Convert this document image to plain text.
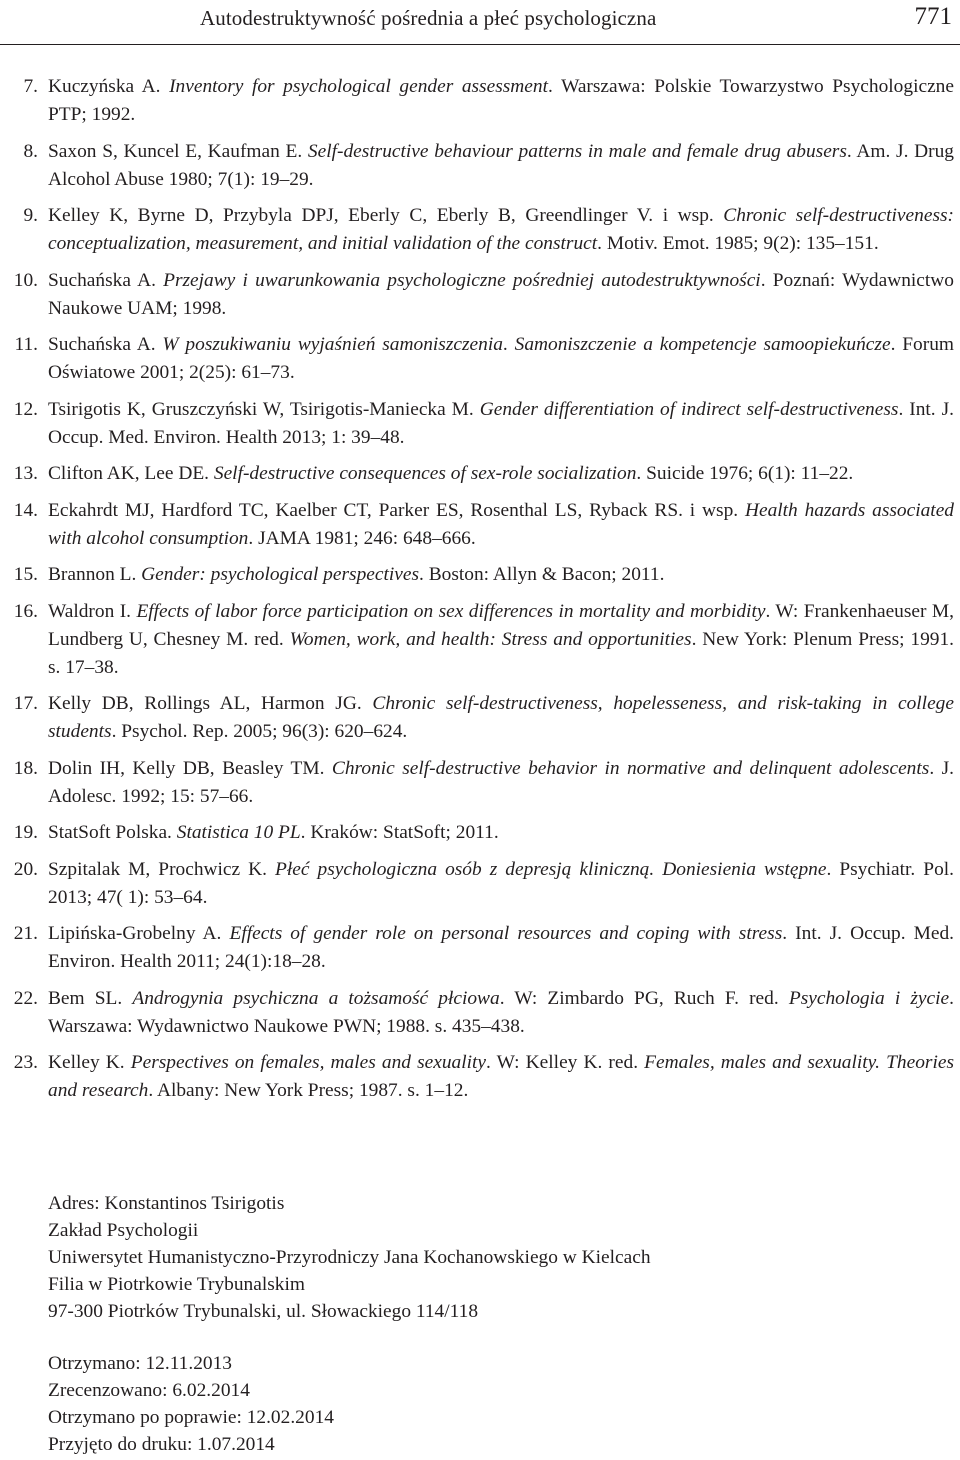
Autodestruktywność pośrednia a płeć psychologiczna	771
7. Kuczyńska A. Inventory for psychological gender assessment. Warszawa: Polskie Towarzystwo Psychologiczne PTP; 1992.
8. Saxon S, Kuncel E, Kaufman E. Self-destructive behaviour patterns in male and female drug abusers. Am. J. Drug Alcohol Abuse 1980; 7(1): 19–29.
9. Kelley K, Byrne D, Przybyla DPJ, Eberly C, Eberly B, Greendlinger V. i wsp. Chronic self-destructiveness: conceptualization, measurement, and initial validation of the construct. Motiv. Emot. 1985; 9(2): 135–151.
10. Suchańska A. Przejawy i uwarunkowania psychologiczne pośredniej autodestruktywności. Poznań: Wydawnictwo Naukowe UAM; 1998.
11. Suchańska A. W poszukiwaniu wyjaśnień samoniszczenia. Samoniszczenie a kompetencje samoopiekuńcze. Forum Oświatowe 2001; 2(25): 61–73.
12. Tsirigotis K, Gruszczyński W, Tsirigotis-Maniecka M. Gender differentiation of indirect self-destructiveness. Int. J. Occup. Med. Environ. Health 2013; 1: 39–48.
13. Clifton AK, Lee DE. Self-destructive consequences of sex-role socialization. Suicide 1976; 6(1): 11–22.
14. Eckahrdt MJ, Hardford TC, Kaelber CT, Parker ES, Rosenthal LS, Ryback RS. i wsp. Health hazards associated with alcohol consumption. JAMA 1981; 246: 648–666.
15. Brannon L. Gender: psychological perspectives. Boston: Allyn & Bacon; 2011.
16. Waldron I. Effects of labor force participation on sex differences in mortality and morbidity. W: Frankenhaeuser M, Lundberg U, Chesney M. red. Women, work, and health: Stress and opportunities. New York: Plenum Press; 1991. s. 17–38.
17. Kelly DB, Rollings AL, Harmon JG. Chronic self-destructiveness, hopelesseness, and risk-taking in college students. Psychol. Rep. 2005; 96(3): 620–624.
18. Dolin IH, Kelly DB, Beasley TM. Chronic self-destructive behavior in normative and delinquent adolescents. J. Adolesc. 1992; 15: 57–66.
19. StatSoft Polska. Statistica 10 PL. Kraków: StatSoft; 2011.
20. Szpitalak M, Prochwicz K. Płeć psychologiczna osób z depresją kliniczną. Doniesienia wstępne. Psychiatr. Pol. 2013; 47( 1): 53–64.
21. Lipińska-Grobelny A. Effects of gender role on personal resources and coping with stress. Int. J. Occup. Med. Environ. Health 2011; 24(1):18–28.
22. Bem SL. Androgynia psychiczna a tożsamość płciowa. W: Zimbardo PG, Ruch F. red. Psychologia i życie. Warszawa: Wydawnictwo Naukowe PWN; 1988. s. 435–438.
23. Kelley K. Perspectives on females, males and sexuality. W: Kelley K. red. Females, males and sexuality. Theories and research. Albany: New York Press; 1987. s. 1–12.
Adres: Konstantinos Tsirigotis
Zakład Psychologii
Uniwersytet Humanistyczno-Przyrodniczy Jana Kochanowskiego w Kielcach
Filia w Piotrkowie Trybunalskim
97-300 Piotrków Trybunalski, ul. Słowackiego 114/118
Otrzymano: 12.11.2013
Zrecenzowano: 6.02.2014
Otrzymano po poprawie: 12.02.2014
Przyjęto do druku: 1.07.2014
